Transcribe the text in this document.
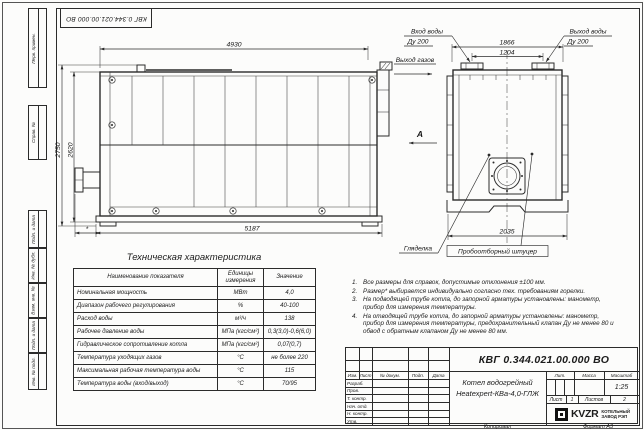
КВГ 0.344.021.00.000 ВО
Перв. примен.
Справ. №
Подп. и дата
Инв. № дубл.
Взам. инв. №
Подп. и дата
Инв. № подл.
4930
5187
2750 2620
*
Выход газов
А
1866
1204
2035
Вход воды
Ду 200
Выход воды
Ду 200
Гляделка	Пробоотборный штуцер
Техническая характеристика
Наименование показателя	Единицы измерения	Значение
Номинальная мощность	МВт	4,0
Диапазон рабочего регулирования	%	40-100
Расход воды	м³/ч	138
Рабочее давление воды	МПа (кгс/см²)	0,3(3,0)-0,6(6,0)
Гидравлическое сопротивление котла	МПа (кгс/см²)	0,07(0,7)
Температура уходящих газов	°С	не более 220
Максимальная рабочая температура воды	°С	115
Температура воды (вход/выход)	°С	70/95
1. Все размеры для справок, допустимые отклонения ±100 мм.
2. Размер* выбирается индивидуально согласно тех. требованиям горелки.
3. На подводящей трубе котла, до запорной арматуры установлены: манометр, прибор для измерения температуры.
4. На отводящей трубе котла, до запорной арматуры установлены: манометр, прибор для измерения температуры, предохранительный клапан Ду не менее 80 и обвод с обратным клапаном Ду не менее 80 мм.
Изм. Лист	№ докум.	Подп.	Дата
Разраб.
Пров.
Т. контр.
Нач. отд.
Н. контр.
Утв.
КВГ 0.344.021.00.000 ВО
Котел водогрейный
Heatexpert-КВа-4,0-ГЛЖ
Лит.	Масса	Масштаб
1:25
Лист	1	Листов	2
KVZR КОТЕЛЬНЫЙ
ЗАВОД РЭП
Копировал	Формат А3
